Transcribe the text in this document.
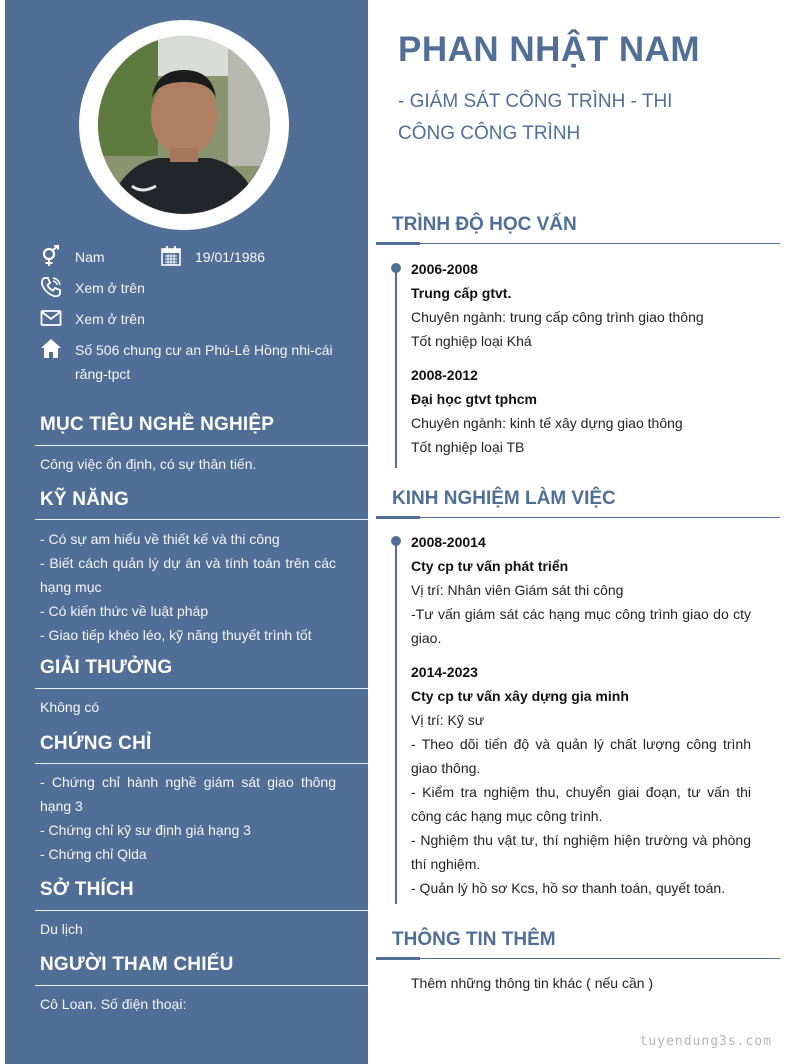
Nam	19/01/1986
Xem ở trên
Xem ở trên
Số 506 chung cư an Phú-Lê Hồng nhi-cái
răng-tpct
MỤC TIÊU NGHỀ NGHIỆP
Công việc ổn định, có sự thân tiến.
KỸ NĂNG
- Có sự am hiểu về thiết kế và thi công
- Biết cách quản lý dự án và tính toán trên các hạng mục
- Có kiến thức về luật pháp
- Giao tiếp khéo léo, kỹ năng thuyết trình tốt
GIẢI THƯỞNG
Không có
CHỨNG CHỈ
- Chứng chỉ hành nghề giám sát giao thông hạng 3
- Chứng chỉ kỹ sư định giá hạng 3
- Chứng chỉ Qlda
SỞ THÍCH
Du lịch
NGƯỜI THAM CHIẾU
Cô Loan. Số điện thoại:
PHAN NHẬT NAM
- GIÁM SÁT CÔNG TRÌNH - THI
CÔNG CÔNG TRÌNH
TRÌNH ĐỘ HỌC VẤN
2006-2008
Trung cấp gtvt.
Chuyên ngành: trung cấp công trình giao thông
Tốt nghiệp loại Khá
2008-2012
Đại học gtvt tphcm
Chuyên ngành: kinh tế xây dựng giao thông
Tốt nghiệp loại TB
KINH NGHIỆM LÀM VIỆC
2008-20014
Cty cp tư vấn phát triển
Vị trí: Nhân viên Giám sát thi công
-Tư vấn giám sát các hạng mục công trình giao do cty giao.
2014-2023
Cty cp tư vấn xây dựng gia minh
Vị trí: Kỹ sư
- Theo dõi tiến độ và quản lý chất lượng công trình giao thông.
- Kiểm tra nghiệm thu, chuyển giai đoạn, tư vấn thi công các hạng mục công trình.
- Nghiệm thu vật tư, thí nghiệm hiện trường và phòng thí nghiệm.
- Quản lý hồ sơ Kcs, hồ sơ thanh toán, quyết toán.
THÔNG TIN THÊM
Thêm những thông tin khác ( nếu cần )
tuyendung3s.com
